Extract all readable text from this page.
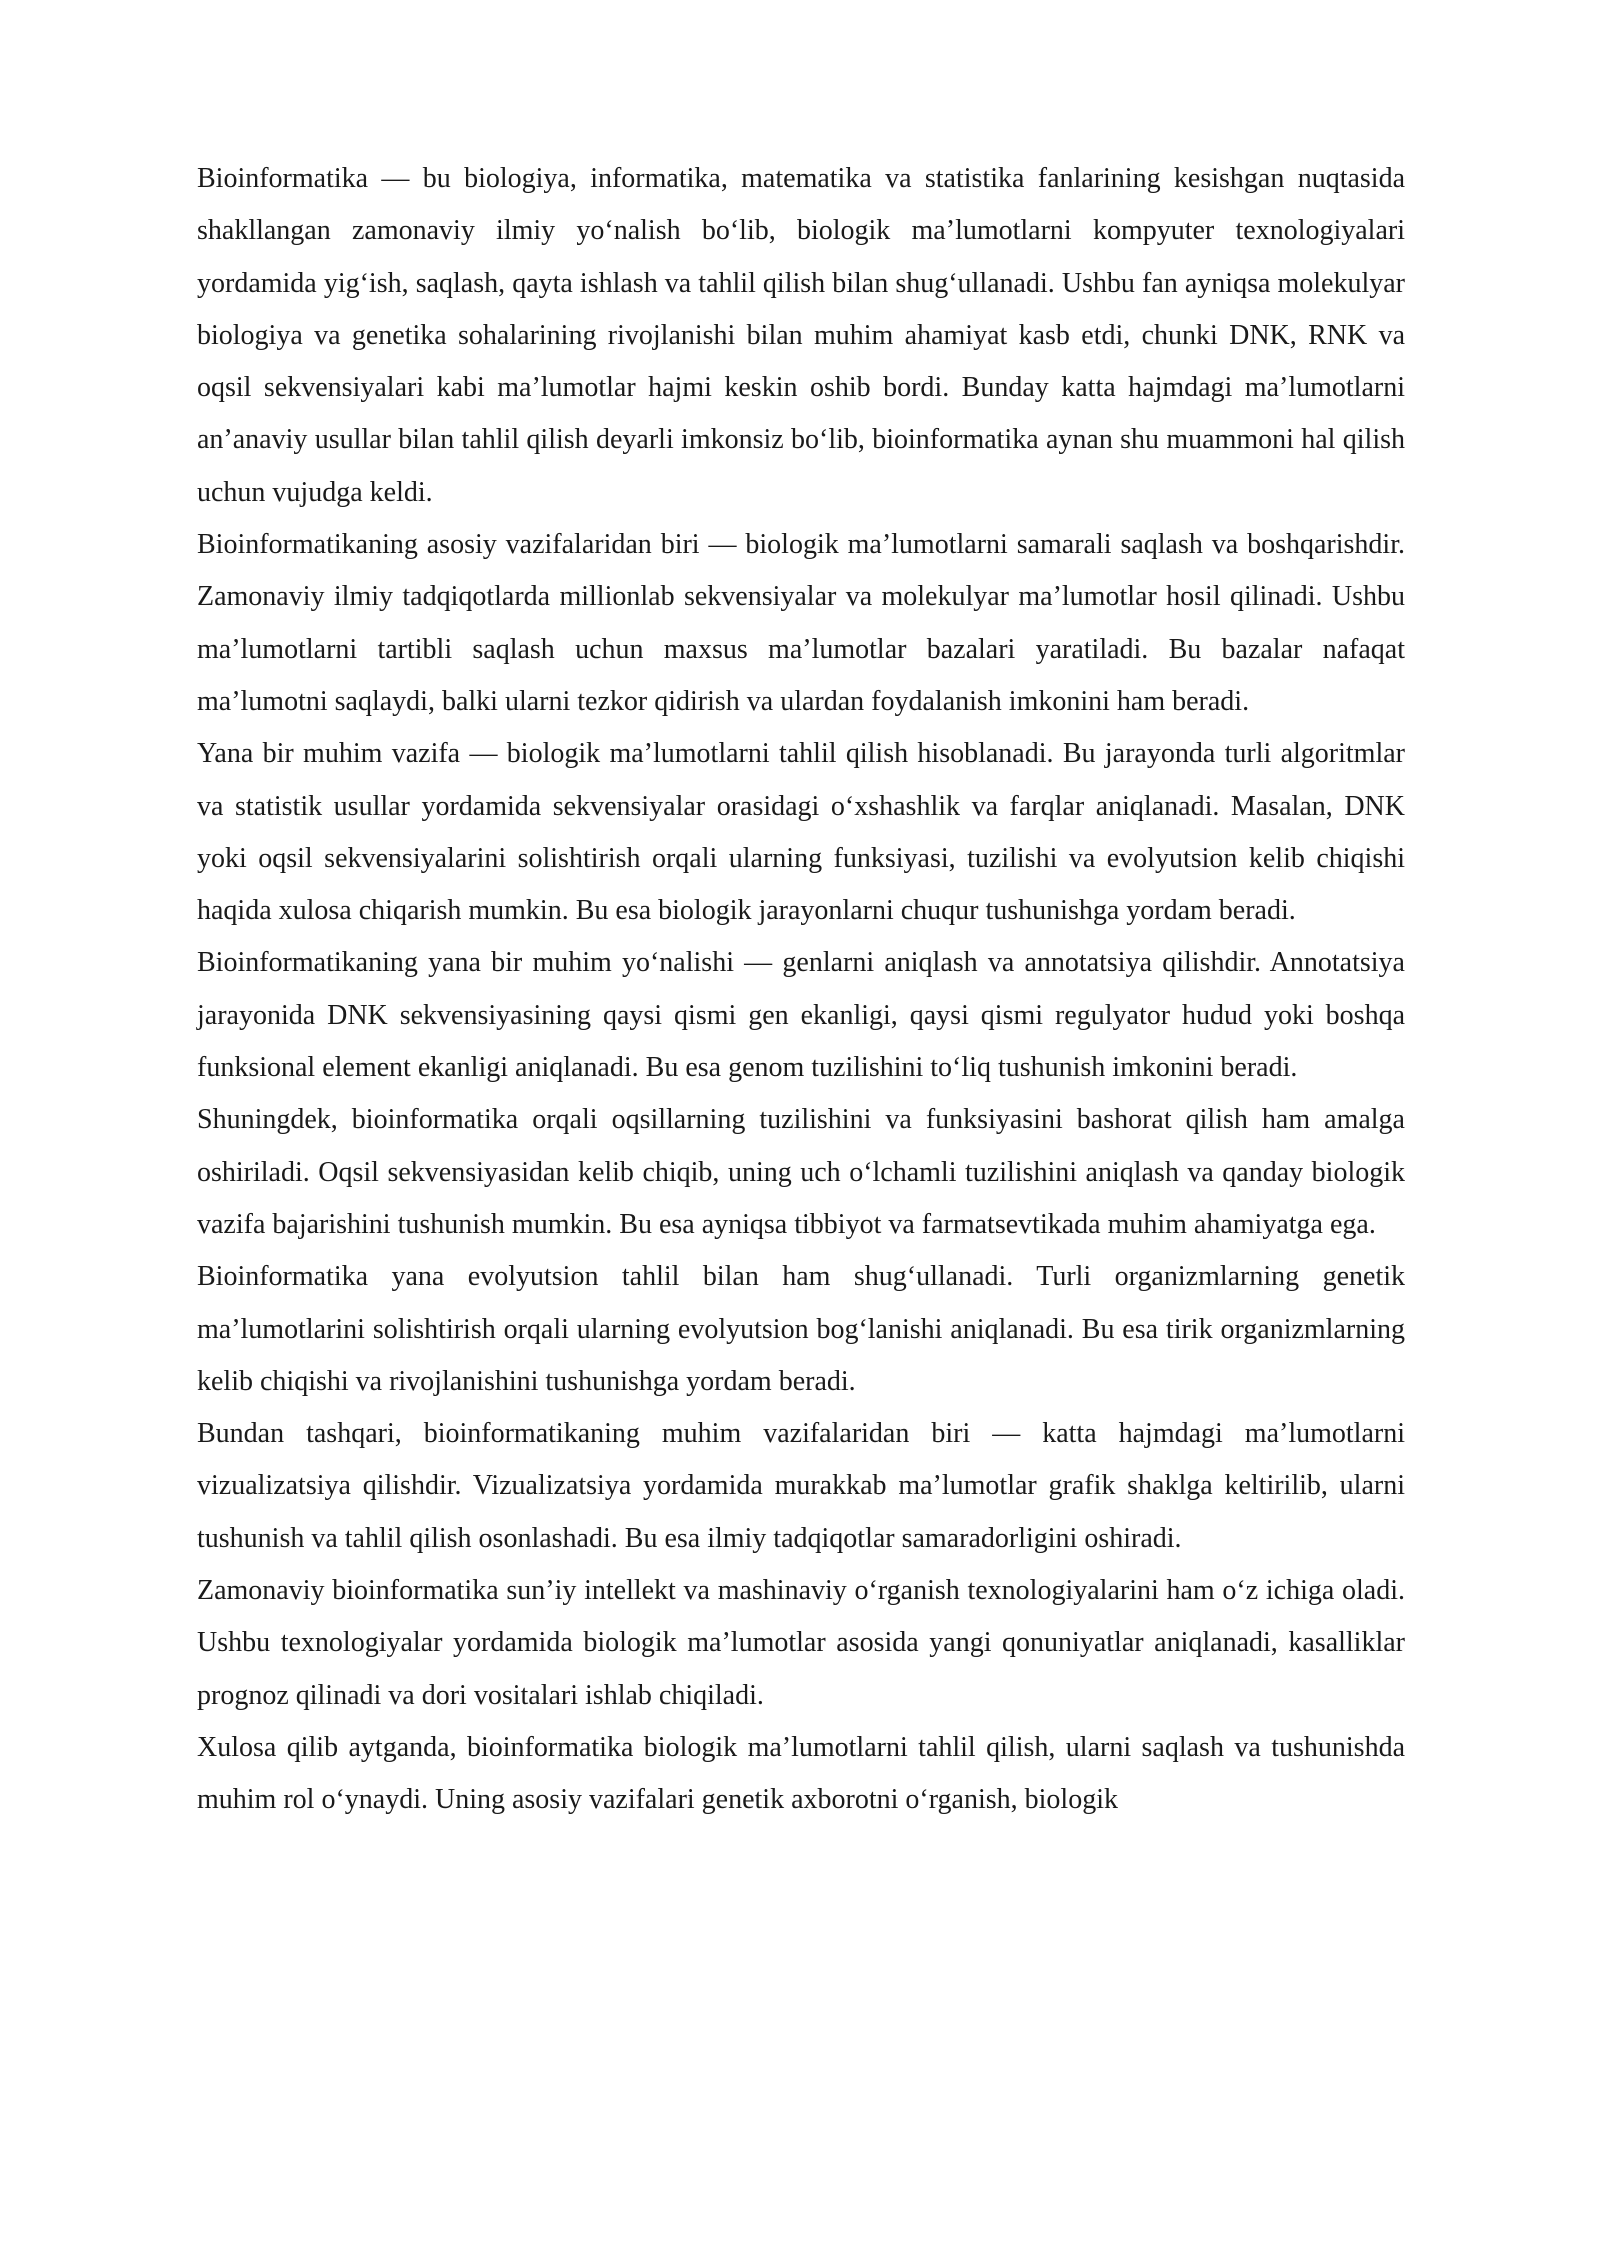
Bioinformatika — bu biologiya, informatika, matematika va statistika fanlarining kesishgan nuqtasida shakllangan zamonaviy ilmiy yoʻnalish boʻlib, biologik maʼlumotlarni kompyuter texnologiyalari yordamida yigʻish, saqlash, qayta ishlash va tahlil qilish bilan shugʻullanadi. Ushbu fan ayniqsa molekulyar biologiya va genetika sohalarining rivojlanishi bilan muhim ahamiyat kasb etdi, chunki DNK, RNK va oqsil sekvensiyalari kabi maʼlumotlar hajmi keskin oshib bordi. Bunday katta hajmdagi maʼlumotlarni anʼanaviy usullar bilan tahlil qilish deyarli imkonsiz boʻlib, bioinformatika aynan shu muammoni hal qilish uchun vujudga keldi.

Bioinformatikaning asosiy vazifalaridan biri — biologik maʼlumotlarni samarali saqlash va boshqarishdir. Zamonaviy ilmiy tadqiqotlarda millionlab sekvensiyalar va molekulyar maʼlumotlar hosil qilinadi. Ushbu maʼlumotlarni tartibli saqlash uchun maxsus maʼlumotlar bazalari yaratiladi. Bu bazalar nafaqat maʼlumotni saqlaydi, balki ularni tezkor qidirish va ulardan foydalanish imkonini ham beradi.

Yana bir muhim vazifa — biologik maʼlumotlarni tahlil qilish hisoblanadi. Bu jarayonda turli algoritmlar va statistik usullar yordamida sekvensiyalar orasidagi oʻxshashlik va farqlar aniqlanadi. Masalan, DNK yoki oqsil sekvensiyalarini solishtirish orqali ularning funksiyasi, tuzilishi va evolyutsion kelib chiqishi haqida xulosa chiqarish mumkin. Bu esa biologik jarayonlarni chuqur tushunishga yordam beradi.

Bioinformatikaning yana bir muhim yoʻnalishi — genlarni aniqlash va annotatsiya qilishdir. Annotatsiya jarayonida DNK sekvensiyasining qaysi qismi gen ekanligi, qaysi qismi regulyator hudud yoki boshqa funksional element ekanligi aniqlanadi. Bu esa genom tuzilishini toʻliq tushunish imkonini beradi.

Shuningdek, bioinformatika orqali oqsillarning tuzilishini va funksiyasini bashorat qilish ham amalga oshiriladi. Oqsil sekvensiyasidan kelib chiqib, uning uch oʻlchamli tuzilishini aniqlash va qanday biologik vazifa bajarishini tushunish mumkin. Bu esa ayniqsa tibbiyot va farmatsevtikada muhim ahamiyatga ega.

Bioinformatika yana evolyutsion tahlil bilan ham shugʻullanadi. Turli organizmlarning genetik maʼlumotlarini solishtirish orqali ularning evolyutsion bogʻlanishi aniqlanadi. Bu esa tirik organizmlarning kelib chiqishi va rivojlanishini tushunishga yordam beradi.

Bundan tashqari, bioinformatikaning muhim vazifalaridan biri — katta hajmdagi maʼlumotlarni vizualizatsiya qilishdir. Vizualizatsiya yordamida murakkab maʼlumotlar grafik shaklga keltirilib, ularni tushunish va tahlil qilish osonlashadi. Bu esa ilmiy tadqiqotlar samaradorligini oshiradi.

Zamonaviy bioinformatika sunʼiy intellekt va mashinaviy oʻrganish texnologiyalarini ham oʻz ichiga oladi. Ushbu texnologiyalar yordamida biologik maʼlumotlar asosida yangi qonuniyatlar aniqlanadi, kasalliklar prognoz qilinadi va dori vositalari ishlab chiqiladi.

Xulosa qilib aytganda, bioinformatika biologik maʼlumotlarni tahlil qilish, ularni saqlash va tushunishda muhim rol oʻynaydi. Uning asosiy vazifalari genetik axborotni oʻrganish, biologik
